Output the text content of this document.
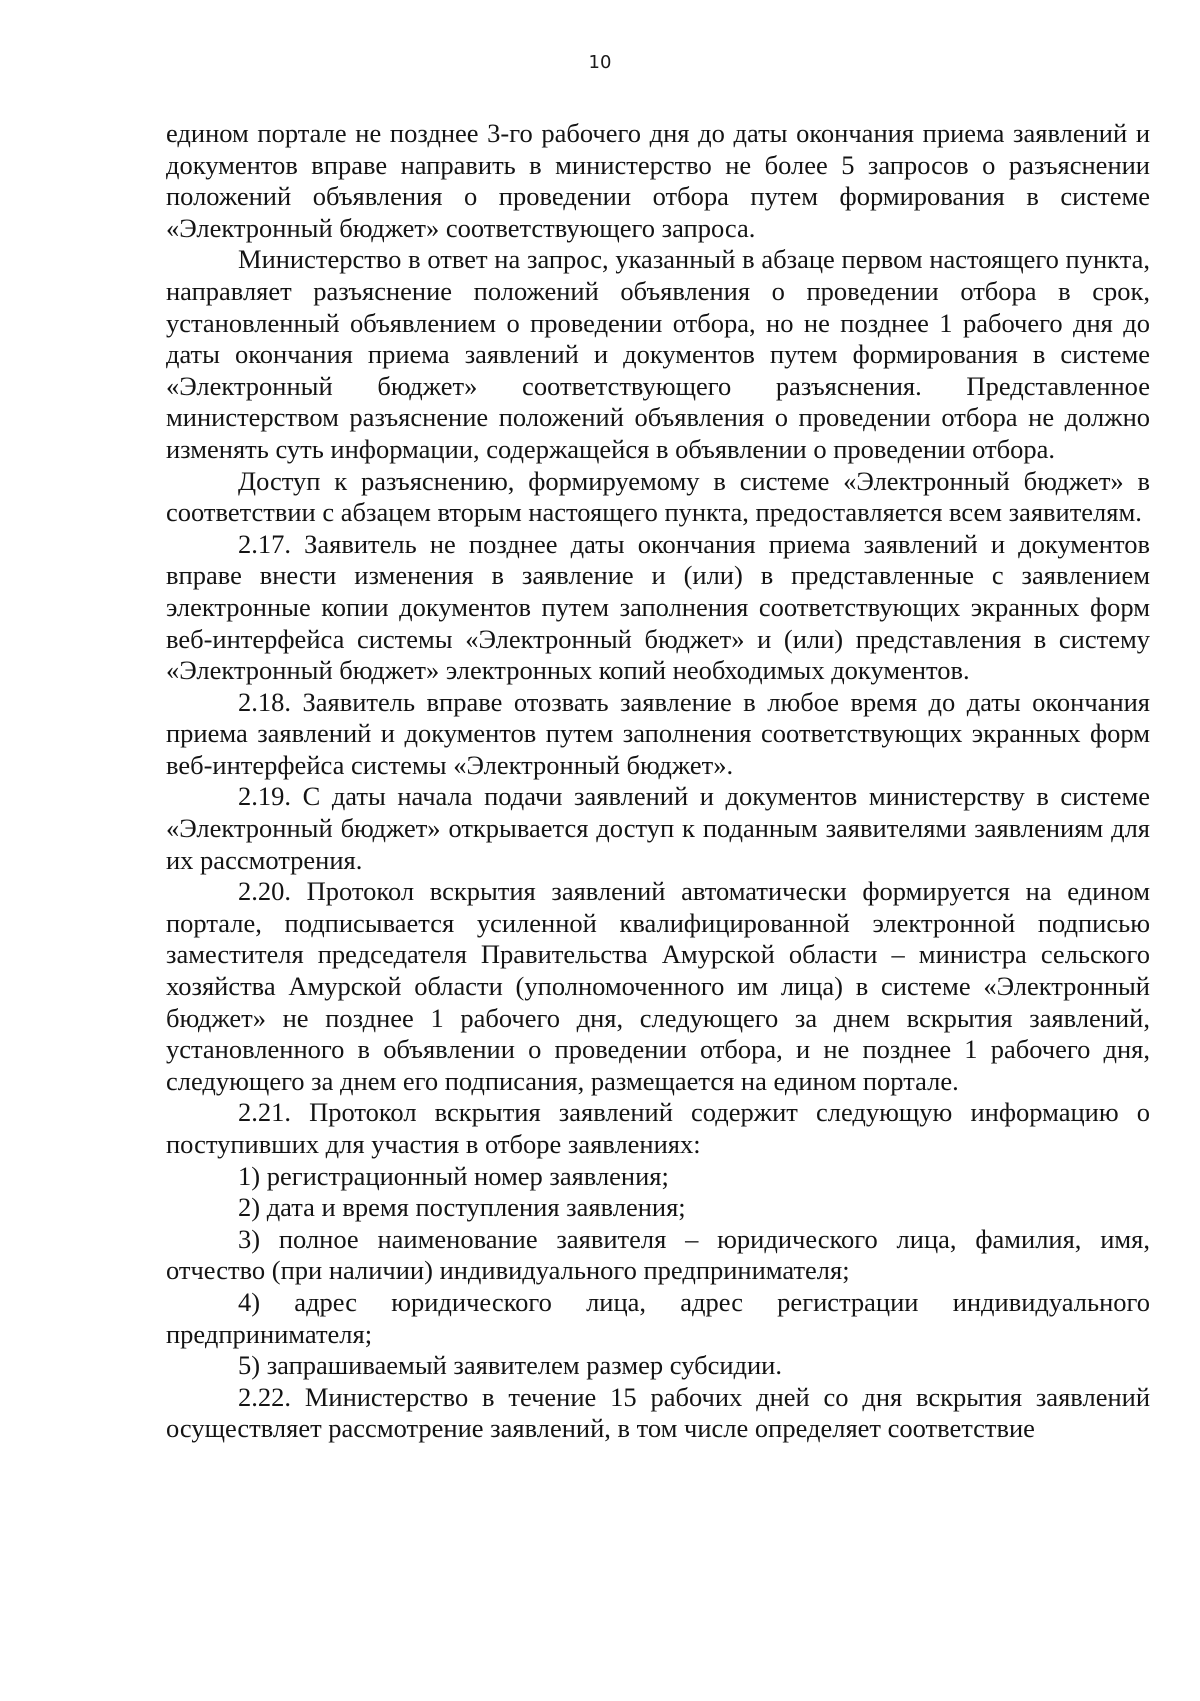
10

едином портале не позднее 3-го рабочего дня до даты окончания приема заявлений и документов вправе направить в министерство не более 5 запросов о разъяснении положений объявления о проведении отбора путем формирования в системе «Электронный бюджет» соответствующего запроса.

Министерство в ответ на запрос, указанный в абзаце первом настоящего пункта, направляет разъяснение положений объявления о проведении отбора в срок, установленный объявлением о проведении отбора, но не позднее 1 рабочего дня до даты окончания приема заявлений и документов путем формирования в системе «Электронный бюджет» соответствующего разъяснения. Представленное министерством разъяснение положений объявления о проведении отбора не должно изменять суть информации, содержащейся в объявлении о проведении отбора.

Доступ к разъяснению, формируемому в системе «Электронный бюджет» в соответствии с абзацем вторым настоящего пункта, предоставляется всем заявителям.

2.17. Заявитель не позднее даты окончания приема заявлений и документов вправе внести изменения в заявление и (или) в представленные с заявлением электронные копии документов путем заполнения соответствующих экранных форм веб-интерфейса системы «Электронный бюджет» и (или) представления в систему «Электронный бюджет» электронных копий необходимых документов.

2.18. Заявитель вправе отозвать заявление в любое время до даты окончания приема заявлений и документов путем заполнения соответствующих экранных форм веб-интерфейса системы «Электронный бюджет».

2.19. С даты начала подачи заявлений и документов министерству в системе «Электронный бюджет» открывается доступ к поданным заявителями заявлениям для их рассмотрения.

2.20. Протокол вскрытия заявлений автоматически формируется на едином портале, подписывается усиленной квалифицированной электронной подписью заместителя председателя Правительства Амурской области – министра сельского хозяйства Амурской области (уполномоченного им лица) в системе «Электронный бюджет» не позднее 1 рабочего дня, следующего за днем вскрытия заявлений, установленного в объявлении о проведении отбора, и не позднее 1 рабочего дня, следующего за днем его подписания, размещается на едином портале.

2.21. Протокол вскрытия заявлений содержит следующую информацию о поступивших для участия в отборе заявлениях:

1) регистрационный номер заявления;

2) дата и время поступления заявления;

3) полное наименование заявителя – юридического лица, фамилия, имя, отчество (при наличии) индивидуального предпринимателя;

4) адрес юридического лица, адрес регистрации индивидуального предпринимателя;

5) запрашиваемый заявителем размер субсидии.

2.22. Министерство в течение 15 рабочих дней со дня вскрытия заявлений осуществляет рассмотрение заявлений, в том числе определяет соответствие
